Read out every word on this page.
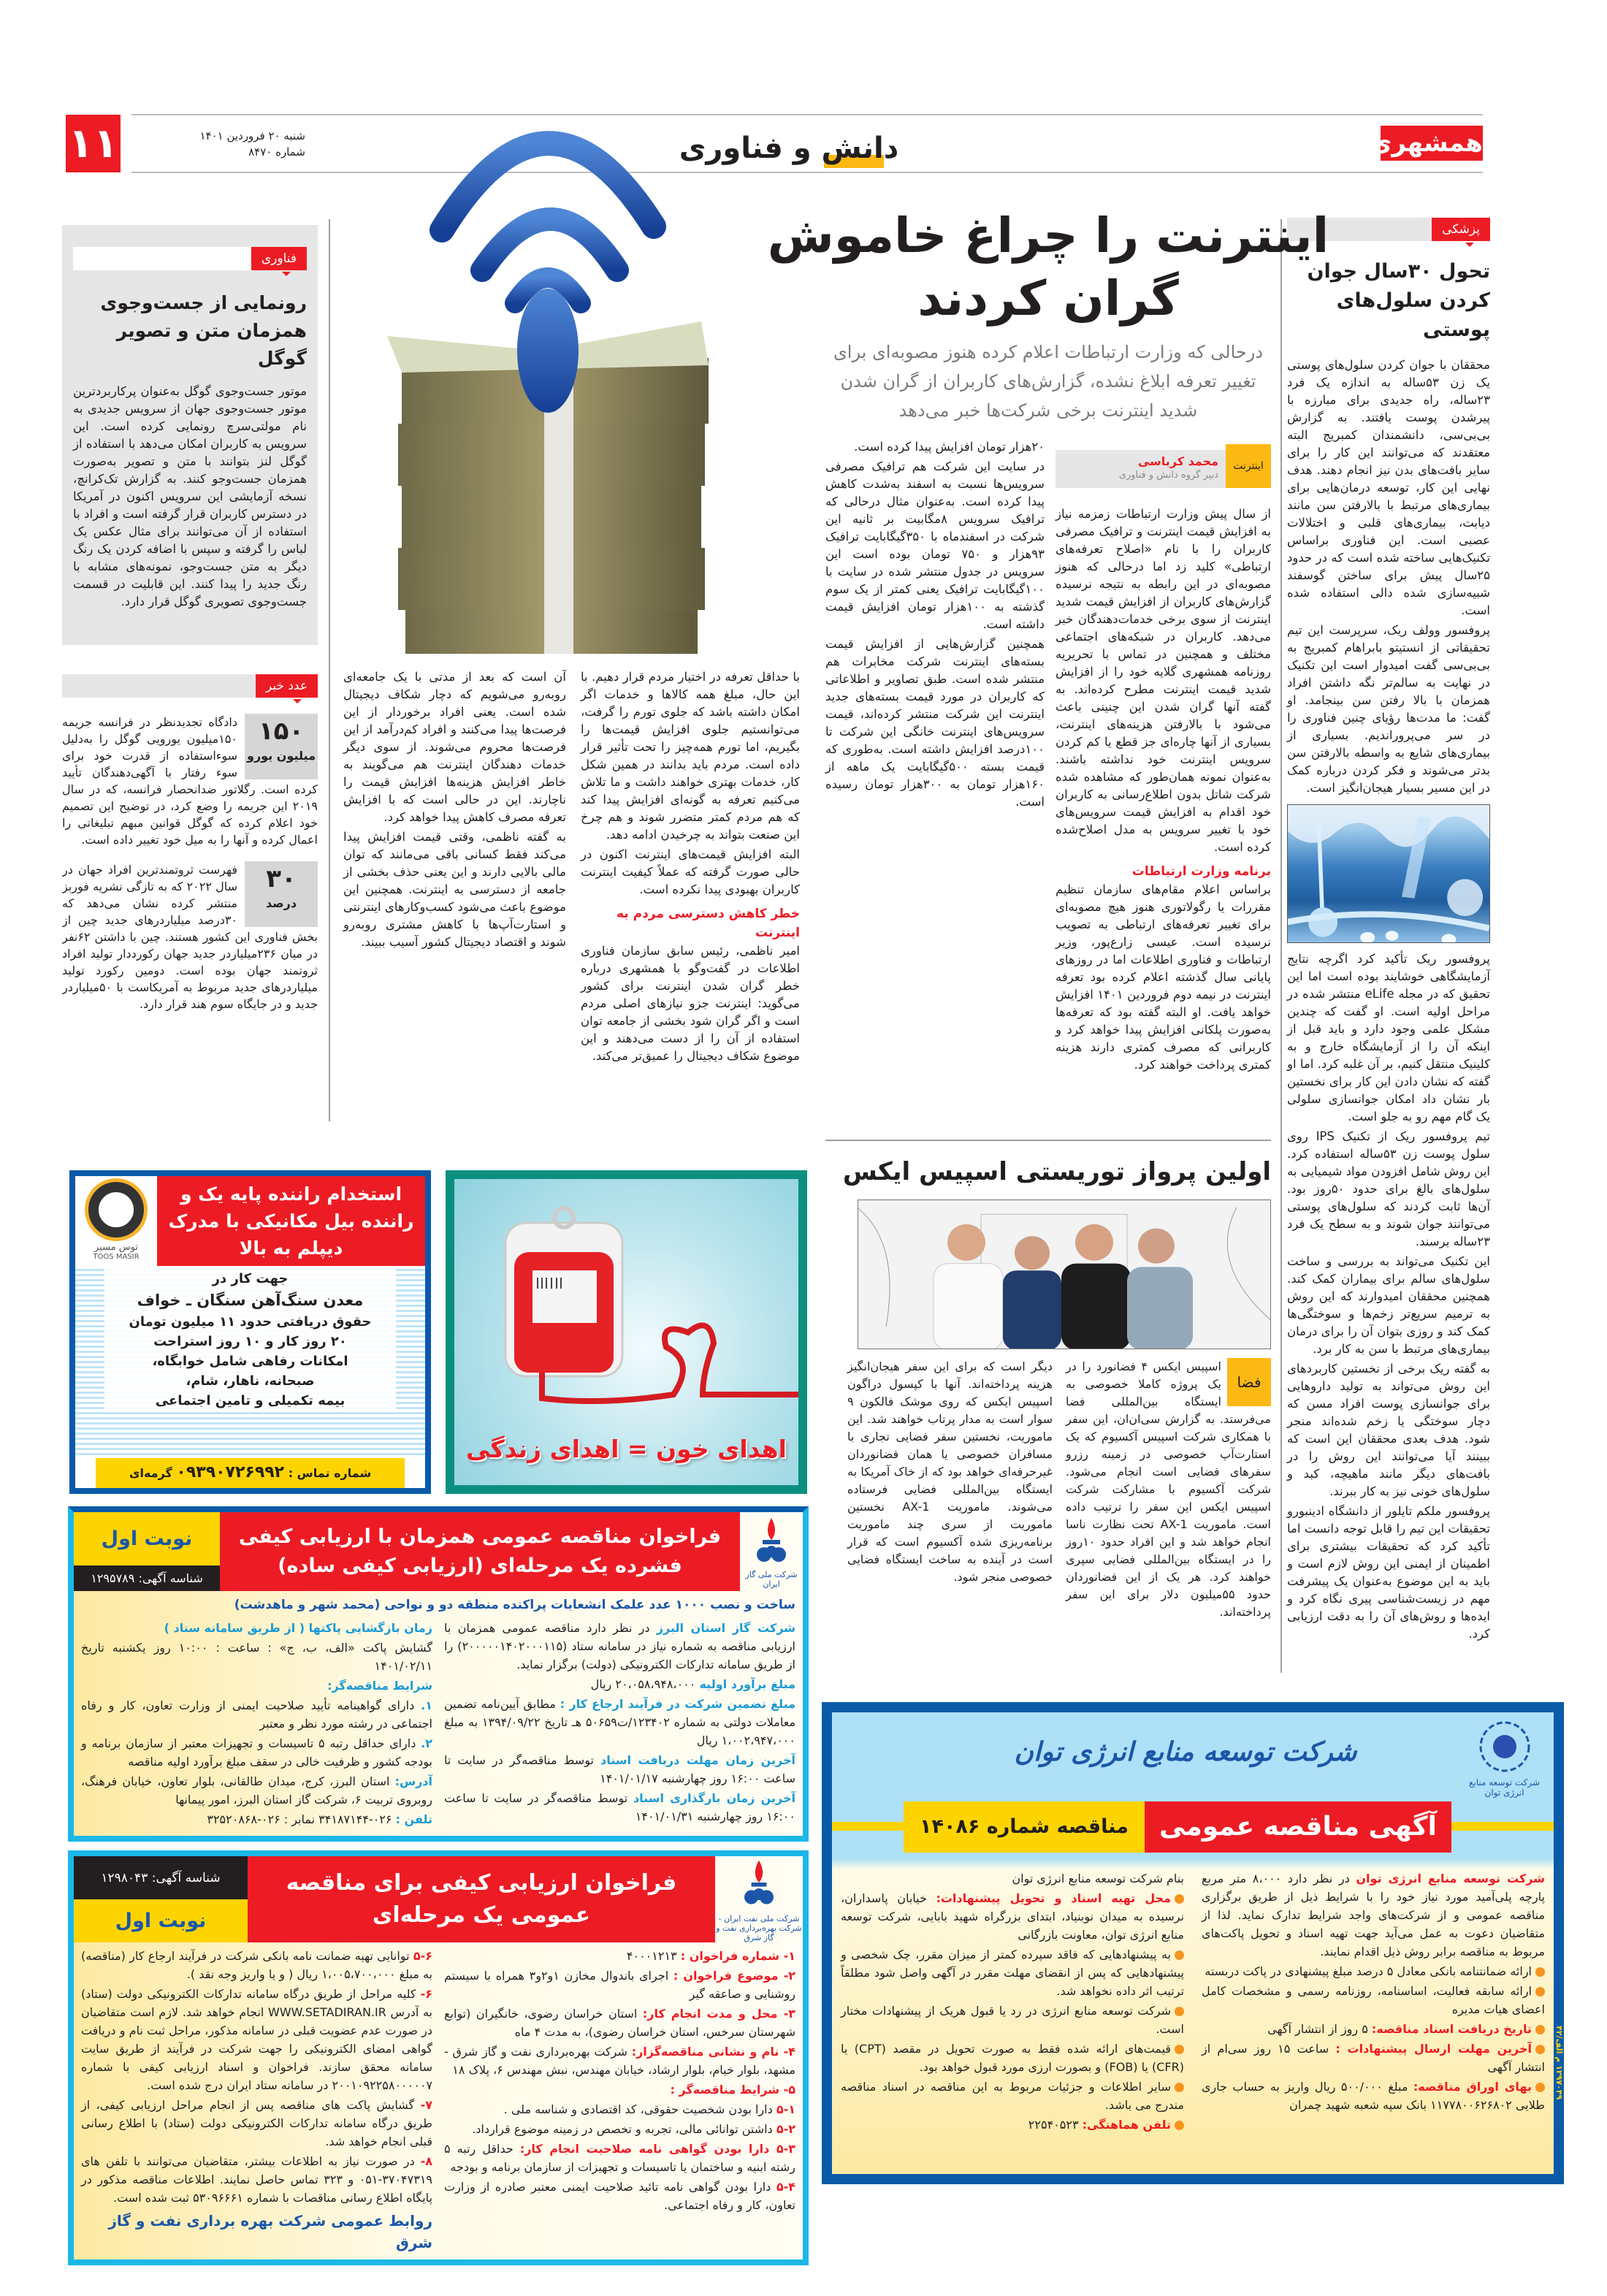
همشهری
دانش و فناوری
۱۱	شنبه ۲۰ فروردین ۱۴۰۱
شماره ۸۴۷۰
پزشکی
تحول ۳۰سال جوان کردن سلول‌های پوستی

محققان با جوان کردن سلول‌های پوستی یک زن ۵۳ساله به اندازه یک فرد ۲۳ساله، راه جدیدی برای مبارزه با پیرشدن پوست یافتند. به گزارش بی‌بی‌سی، دانشمندان کمبریج البته معتقدند که می‌توانند این کار را برای سایر بافت‌های بدن نیز انجام دهند. هدف نهایی این کار، توسعه درمان‌هایی برای بیماری‌های مرتبط با بالارفتن سن مانند دیابت، بیماری‌های قلبی و اختلالات عصبی است. این فناوری براساس تکنیک‌هایی ساخته شده است که در حدود ۲۵سال پیش برای ساختن گوسفند شبیه‌سازی شده دالی استفاده شده است.

پروفسور وولف ریک، سرپرست این تیم تحقیقاتی از انستیتو بابراهام کمبریج به بی‌بی‌سی گفت امیدوار است این تکنیک در نهایت به سالم‌تر نگه داشتن افراد همزمان با بالا رفتن سن بینجامد. او گفت: ما مدت‌ها رؤیای چنین فناوری را در سر می‌پروراندیم. بسیاری از بیماری‌های شایع به واسطه بالارفتن سن بدتر می‌شوند و فکر کردن درباره کمک در این مسیر بسیار هیجان‌انگیز است.

پروفسور ریک تأکید کرد اگرچه نتایج آزمایشگاهی خوشایند بوده است اما این تحقیق که در مجله eLife منتشر شده در مراحل اولیه است. او گفت که چندین مشکل علمی وجود دارد و باید قبل از اینکه آن را از آزمایشگاه خارج و به کلینیک منتقل کنیم، بر آن غلبه کرد. اما او گفته که نشان دادن این کار برای نخستین بار نشان داد امکان جوانسازی سلولی یک گام مهم رو به جلو است.

تیم پروفسور ریک از تکنیک IPS روی سلول پوست زن ۵۳ساله استفاده کرد. این روش شامل افزودن مواد شیمیایی به سلول‌های بالغ برای حدود ۵۰روز بود. آن‌ها ثابت کردند که سلول‌های پوستی می‌توانند جوان شوند و به سطح یک فرد ۲۳ساله برسند.

این تکنیک می‌تواند به بررسی و ساخت سلول‌های سالم برای بیماران کمک کند. همچنین محققان امیدوارند که این روش به ترمیم سریع‌تر زخم‌ها و سوختگی‌ها کمک کند و روزی بتوان آن را برای درمان بیماری‌های مرتبط با سن به کار برد.

به گفته ریک برخی از نخستین کاربردهای این روش می‌تواند به تولید داروهایی برای جوانسازی پوست افراد مسن که دچار سوختگی یا زخم شده‌اند منجر شود. هدف بعدی محققان این است که ببینند آیا می‌توانند این روش را در بافت‌های دیگر مانند ماهیچه، کبد و سلول‌های خونی نیز به کار ببرند.

پروفسور ملکم تایلور از دانشگاه ادینبورو تحقیقات این تیم را قابل توجه دانست اما تأکید کرد که تحقیقات بیشتری برای اطمینان از ایمنی این روش لازم است و باید به این موضوع به‌عنوان یک پیشرفت مهم در زیست‌شناسی پیری نگاه کرد و ایده‌ها و روش‌های آن را به دقت ارزیابی کرد.

اینترنت را چراغ خاموش
گران کردند
درحالی که وزارت ارتباطات اعلام کرده هنوز مصوبه‌ای برای تغییر تعرفه ابلاغ نشده، گزارش‌های کاربران از گران شدن شدید اینترنت برخی شرکت‌ها خبر می‌دهد
اینترنت
محمد کرباسی
دبیر گروه دانش و فناوری

از سال پیش وزارت ارتباطات زمزمه نیاز به افزایش قیمت اینترنت و ترافیک مصرفی کاربران را با نام «اصلاح تعرفه‌های ارتباطی» کلید زد اما درحالی که هنوز مصوبه‌ای در این رابطه به نتیجه نرسیده گزارش‌های کاربران از افزایش قیمت شدید اینترنت از سوی برخی خدمات‌دهندگان خبر می‌دهد. کاربران در شبکه‌های اجتماعی مختلف و همچنین در تماس با تحریریه روزنامه همشهری گلایه خود را از افزایش شدید قیمت اینترنت مطرح کرده‌اند. به گفته آنها گران شدن این چنینی باعث می‌شود با بالارفتن هزینه‌های اینترنت، بسیاری از آنها چاره‌ای جز قطع یا کم کردن سرویس اینترنت خود نداشته باشند. به‌عنوان نمونه همان‌طور که مشاهده شده شرکت شاتل بدون اطلاع‌رسانی به کاربران خود اقدام به افزایش قیمت سرویس‌های خود با تغییر سرویس به مدل اصلاح‌شده کرده است.

برنامه وزارت ارتباطات

براساس اعلام مقام‌های سازمان تنظیم مقررات یا رگولاتوری هنوز هیچ مصوبه‌ای برای تغییر تعرفه‌های ارتباطی به تصویب نرسیده است. عیسی زارع‌پور، وزیر ارتباطات و فناوری اطلاعات اما در روزهای پایانی سال گذشته اعلام کرده بود تعرفه اینترنت در نیمه دوم فروردین ۱۴۰۱ افزایش خواهد یافت. او البته گفته بود که تعرفه‌ها به‌صورت پلکانی افزایش پیدا خواهد کرد و کاربرانی که مصرف کمتری دارند هزینه کمتری پرداخت خواهند کرد.

۲۰هزار تومان افزایش پیدا کرده است.

در سایت این شرکت هم ترافیک مصرفی سرویس‌ها نسبت به اسفند به‌شدت کاهش پیدا کرده است. به‌عنوان مثال درحالی که ترافیک سرویس ۸مگابیت بر ثانیه این شرکت در اسفندماه با ۳۵۰گیگابایت ترافیک ۹۳هزار و ۷۵۰ تومان بوده است این سرویس در جدول منتشر شده در سایت با ۱۰۰گیگابایت ترافیک یعنی کمتر از یک سوم گذشته به ۱۰۰هزار تومان افزایش قیمت داشته است.

همچنین گزارش‌هایی از افزایش قیمت بسته‌های اینترنت شرکت مخابرات هم منتشر شده است. طبق تصاویر و اطلاعاتی که کاربران در مورد قیمت بسته‌های جدید اینترنت این شرکت منتشر کرده‌اند، قیمت سرویس‌های اینترنت خانگی این شرکت تا ۱۰۰درصد افزایش داشته است. به‌طوری که قیمت بسته ۵۰۰گیگابایت یک ماهه از ۱۶۰هزار تومان به ۳۰۰هزار تومان رسیده است.

با حداقل تعرفه در اختیار مردم قرار دهیم. با این حال، مبلغ همه کالاها و خدمات اگر امکان داشته باشد که جلوی تورم را گرفت، می‌توانستیم جلوی افزایش قیمت‌ها را بگیریم، اما تورم همه‌چیز را تحت تأثیر قرار داده است. مردم باید بدانند در همین شکل کار، خدمات بهتری خواهند داشت و ما تلاش می‌کنیم تعرفه به گونه‌ای افزایش پیدا کند که هم مردم کمتر متضرر شوند و هم چرخ این صنعت بتواند به چرخیدن ادامه دهد.

البته افزایش قیمت‌های اینترنت اکنون در حالی صورت گرفته که عملاً کیفیت اینترنت کاربران بهبودی پیدا نکرده است.

خطر کاهش دسترسی مردم به اینترنت

امیر ناظمی، رئیس سابق سازمان فناوری اطلاعات در گفت‌وگو با همشهری درباره خطر گران شدن اینترنت برای کشور می‌گوید: اینترنت جزو نیازهای اصلی مردم است و اگر گران شود بخشی از جامعه توان استفاده از آن را از دست می‌دهند و این موضوع شکاف دیجیتال را عمیق‌تر می‌کند.

آن است که بعد از مدتی با یک جامعه‌ای روبه‌رو می‌شویم که دچار شکاف دیجیتال شده است. یعنی افراد برخوردار از این فرصت‌ها پیدا می‌کنند و افراد کم‌درآمد از این فرصت‌ها محروم می‌شوند. از سوی دیگر خدمات دهندگان اینترنت هم می‌گویند به خاطر افزایش هزینه‌ها افزایش قیمت را ناچارند. این در حالی است که با افزایش تعرفه مصرف کاهش پیدا خواهد کرد.

به گفته ناظمی، وقتی قیمت افزایش پیدا می‌کند فقط کسانی باقی می‌مانند که توان مالی بالایی دارند و این یعنی حذف بخشی از جامعه از دسترسی به اینترنت. همچنین این موضوع باعث می‌شود کسب‌وکارهای اینترنتی و استارت‌آپ‌ها با کاهش مشتری روبه‌رو شوند و اقتصاد دیجیتال کشور آسیب ببیند.

فناوری
رونمایی از جست‌وجوی همزمان متن و تصویر گوگل

موتور جست‌وجوی گوگل به‌عنوان پرکاربردترین موتور جست‌وجوی جهان از سرویس جدیدی به نام مولتی‌سرچ رونمایی کرده است. این سرویس به کاربران امکان می‌دهد با استفاده از گوگل لنز بتوانند با متن و تصویر به‌صورت همزمان جست‌وجو کنند. به گزارش تک‌کرانچ، نسخه آزمایشی این سرویس اکنون در آمریکا در دسترس کاربران قرار گرفته است و افراد با استفاده از آن می‌توانند برای مثال عکس یک لباس را گرفته و سپس با اضافه کردن یک رنگ دیگر به متن جست‌وجو، نمونه‌های مشابه با رنگ جدید را پیدا کنند. این قابلیت در قسمت جست‌وجوی تصویری گوگل قرار دارد.

عدد خبر
۱۵۰
میلیون یورو
دادگاه تجدیدنظر در فرانسه جریمه ۱۵۰میلیون یورویی گوگل را به‌دلیل سوءاستفاده از قدرت خود برای سوء رفتار با آگهی‌دهندگان تأیید کرده است. رگلاتور ضدانحصار فرانسه، که در سال ۲۰۱۹ این جریمه را وضع کرد، در توضیح این تصمیم خود اعلام کرده که گوگل قوانین مبهم تبلیغاتی را اعمال کرده و آنها را به میل خود تغییر داده است.
۳۰
درصد
فهرست ثروتمندترین افراد جهان در سال ۲۰۲۲ که به تازگی نشریه فوربز منتشر کرده نشان می‌دهد که ۳۰درصد میلیاردرهای جدید چین از بخش فناوری این کشور هستند. چین با داشتن ۶۲نفر در میان ۲۳۶میلیاردر جدید جهان رکورددار تولید افراد ثروتمند جهان بوده است. دومین رکورد تولید میلیاردرهای جدید مربوط به آمریکاست با ۵۰میلیاردر جدید و در جایگاه سوم هند قرار دارد.
اولین پرواز توریستی اسپیس ایکس
فضا
اسپیس ایکس ۴ فضانورد را در یک پروژه کاملا خصوصی به ایستگاه بین‌المللی فضا می‌فرستد. به گزارش سی‌ان‌ان، این سفر با همکاری شرکت اسپیس آکسیوم که یک استارت‌آپ خصوصی در زمینه رزرو سفرهای فضایی است انجام می‌شود. شرکت آکسیوم با مشارکت شرکت اسپیس ایکس این سفر را ترتیب داده است. ماموریت AX-1 تحت نظارت ناسا انجام خواهد شد و این افراد حدود ۱۰روز را در ایستگاه بین‌المللی فضایی سپری خواهند کرد. هر یک از این فضانوردان حدود ۵۵میلیون دلار برای این سفر پرداخته‌اند.
دیگر است که برای این سفر هیجان‌انگیز هزینه پرداخته‌اند. آنها با کپسول دراگون اسپیس ایکس که روی موشک فالکون ۹ سوار است به مدار پرتاب خواهند شد. این ماموریت، نخستین سفر فضایی تجاری با مسافران خصوصی یا همان فضانوردان غیرحرفه‌ای خواهد بود که از خاک آمریکا به ایستگاه بین‌المللی فضایی فرستاده می‌شوند. ماموریت AX-1 نخستین ماموریت از سری چند ماموریت برنامه‌ریزی شده آکسیوم است که قرار است در آینده به ساخت ایستگاه فضایی خصوصی منجر شود.
استخدام راننده پایه یک و راننده بیل مکانیکی با مدرک دیپلم به بالا
توس مسیر
TOOS MASIR
جهت کار در
معدن سنگ‌آهن سنگان ـ خواف
حقوق دریافتی حدود ۱۱ میلیون تومان
۲۰ روز کار و ۱۰ روز استراحت
امکانات رفاهی شامل خوابگاه،
صبحانه، ناهار، شام،
بیمه تکمیلی و تامین اجتماعی
شماره تماس : ۰۹۳۹۰۷۲۶۹۹۲ گرمه‌ای
اهدای خون = اهدای زندگی
شرکت ملی گاز ایران
فراخوان مناقصه عمومی همزمان با ارزیابی کیفی فشرده یک مرحله‌ای (ارزیابی کیفی ساده)
نوبت اول
شناسه آگهی: ۱۲۹۵۷۸۹
ساخت و نصب ۱۰۰۰ عدد علمک انشعابات پراکنده منطقه دو و نواحی (محمد شهر و ماهدشت)

شرکت گاز استان البرز در نظر دارد مناقصه عمومی همزمان با ارزیابی مناقصه به شماره نیاز در سامانه ستاد (۲۰۰۰۰۰۱۴۰۲۰۰۰۱۱۵) را از طریق سامانه تدارکات الکترونیکی (دولت) برگزار نماید.

مبلغ برآورد اولیه ۲۰،۰۵۸،۹۴۸،۰۰۰ ریال

مبلغ تضمین شرکت در فرآیند ارجاع کار : مطابق آیین‌نامه تضمین معاملات دولتی به شماره ۱۲۳۴۰۲/ت۵۰۶۵۹ هـ تاریخ ۱۳۹۴/۰۹/۲۲ به مبلغ ۱،۰۰۲،۹۴۷،۰۰۰ ریال

آخرین زمان مهلت دریافت اسناد توسط مناقصه‌گر در سایت تا ساعت ۱۶:۰۰ روز چهارشنبه ۱۴۰۱/۰۱/۱۷

آخرین زمان بارگذاری اسناد توسط مناقصه‌گر در سایت تا ساعت ۱۶:۰۰ روز چهارشنبه ۱۴۰۱/۰۱/۳۱

زمان بازگشایی پاکتها ( از طریق سامانه ستاد )

گشایش پاکت «الف، ب، ج» : ساعت : ۱۰:۰۰ روز یکشنبه تاریخ ۱۴۰۱/۰۲/۱۱

شرایط مناقصه‌گر:

۱. دارای گواهینامه تأیید صلاحیت ایمنی از وزارت تعاون، کار و رفاه اجتماعی در رشته مورد نظر و معتبر

۲. دارای حداقل رتبه ۵ تاسیسات و تجهیزات معتبر از سازمان برنامه و بودجه کشور و ظرفیت خالی در سقف مبلغ برآورد اولیه مناقصه

آدرس: استان البرز، کرج، میدان طالقانی، بلوار تعاون، خیابان فرهنگ، روبروی تربیت ۶، شرکت گاز استان البرز، امور پیمانها

تلفن : ۰۲۶-۳۴۱۸۷۱۴۴ نمابر : ۰۲۶-۳۲۵۲۰۸۶۸

شرکت ملی نفت ایران - شرکت بهره‌برداری نفت و گاز شرق
فراخوان ارزیابی کیفی برای مناقصه عمومی یک مرحله‌ای
شناسه آگهی: ۱۲۹۸۰۴۳
نوبت اول

۱- شماره فراخوان : ۴۰۰۰۱۲۱۳

۲- موضوع فراخوان : اجرای باندوال مخازن ۱و۲و۳ همراه با سیستم روشنایی و صاعقه گیر

۳- محل و مدت انجام کار: استان خراسان رضوی، خانگیران (توابع شهرستان سرخس، استان خراسان رضوی)، به مدت ۴ ماه

۴- نام و نشانی مناقصه‌گزار: شرکت بهره‌برداری نفت و گاز شرق - مشهد، بلوار خیام، بلوار ارشاد، خیابان مهندس، نبش مهندس ۶، پلاک ۱۸

۵- شرایط مناقصه‌گر :

۵-۱ دارا بودن شخصیت حقوقی، کد اقتصادی و شناسه ملی .

۵-۲ داشتن توانائی مالی، تجربه و تخصص در زمینه موضوع قرارداد.

۵-۳ دارا بودن گواهی نامه صلاحیت انجام کار: حداقل رتبه ۵ رشته ابنیه و ساختمان یا تاسیسات و تجهیزات از سازمان برنامه و بودجه

۵-۴ دارا بودن گواهی نامه تائید صلاحیت ایمنی معتبر صادره از وزارت تعاون، کار و رفاه اجتماعی.

۵-۶ توانایی تهیه ضمانت نامه بانکی شرکت در فرآیند ارجاع کار (مناقصه) به مبلغ ۱،۰۰۵،۷۰۰،۰۰۰ ریال ( و یا واریز وجه نقد ).

۶- کلیه مراحل از طریق درگاه سامانه تدارکات الکترونیکی دولت (ستاد) به آدرس WWW.SETADIRAN.IR انجام خواهد شد. لازم است متقاضیان در صورت عدم عضویت قبلی در سامانه مذکور، مراحل ثبت نام و دریافت گواهی امضای الکترونیکی را جهت شرکت در فرآیند از طریق سایت سامانه محقق سازند. فراخوان و اسناد ارزیابی کیفی با شماره ۲۰۰۱۰۹۲۲۵۸۰۰۰۰۰۷ در سامانه ستاد ایران درج شده است.

۷- گشایش پاکت های مناقصه پس از انجام مراحل ارزیابی کیفی، از طریق درگاه سامانه تدارکات الکترونیکی دولت (ستاد) با اطلاع رسانی قبلی انجام خواهد شد.

۸- در صورت نیاز به اطلاعات بیشتر، متقاضیان می‌توانند با تلفن های ۳۷۰۴۷۳۱۹-۰۵۱ و ۳۲۳ تماس حاصل نمایند. اطلاعات مناقصه مذکور در پایگاه اطلاع رسانی مناقصات با شماره ۵۳۰۹۶۶۶۱ ثبت شده است.

روابط عمومی شرکت بهره برداری نفت و گاز شرق
شرکت توسعه منابع انرژی توان
شرکت توسعه منابع انرژی توان
آگهی مناقصه عمومی
مناقصه شماره ۱۴۰۸۶

شرکت توسعه منابع انرژی توان در نظر دارد ۸،۰۰۰ متر مربع پارچه پلی‌آمید مورد نیاز خود را با شرایط ذیل از طریق برگزاری مناقصه عمومی و از شرکت‌های واجد شرایط تدارک نماید. لذا از متقاضیان دعوت به عمل می‌آید جهت تهیه اسناد و تحویل پاکت‌های مربوط به مناقصه برابر روش ذیل اقدام نمایند.

ارائه ضمانتنامه بانکی معادل ۵ درصد مبلغ پیشنهادی در پاکت دربسته

ارائه سابقه فعالیت، اساسنامه، روزنامه رسمی و مشخصات کامل اعضای هیات مدیره

تاریخ دریافت اسناد مناقصه: ۵ روز از انتشار آگهی

آخرین مهلت ارسال پیشنهادات : ساعت ۱۵ روز سی‌ام از انتشار آگهی

بهای اوراق مناقصه: مبلغ ۵۰۰/۰۰۰ ریال واریز به حساب جاری طلایی ۱۱۷۷۸۰۰۶۲۶۸۰۲ بانک سپه شعبه شهید چمران

بنام شرکت توسعه منابع انرژی توان

محل تهیه اسناد و تحویل پیشنهادات: خیابان پاسداران، نرسیده به میدان نوبنیاد، ابتدای بزرگراه شهید بابایی، شرکت توسعه منابع انرژی توان، معاونت بازرگانی

به پیشنهادهایی که فاقد سپرده کمتر از میزان مقرر، چک شخصی و پیشنهادهایی که پس از انقضای مهلت مقرر در آگهی واصل شود مطلقاً ترتیب اثر داده نخواهد شد.

شرکت توسعه منابع انرژی در رد یا قبول هریک از پیشنهادات مختار است.

قیمت‌های ارائه شده فقط به صورت تحویل در مقصد (CPT) یا (CFR) یا (FOB) و بصورت ارزی مورد قبول خواهد بود.

سایر اطلاعات و جزئیات مربوط به این مناقصه در اسناد مناقصه مندرج می باشد.

تلفن هماهنگی: ۲۲۵۴۰۵۲۳

۱۲۹۷۰۴۹ م الف/۴۲
